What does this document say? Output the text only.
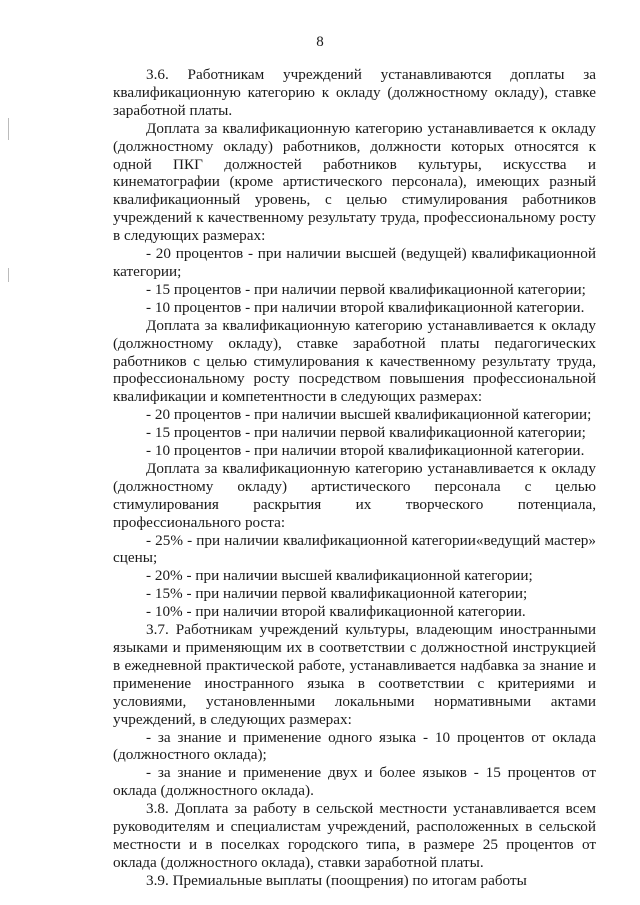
8

3.6. Работникам учреждений устанавливаются доплаты за квалификационную категорию к окладу (должностному окладу), ставке заработной платы.

Доплата за квалификационную категорию устанавливается к окладу (должностному окладу) работников, должности которых относятся к одной ПКГ должностей работников культуры, искусства и кинематографии (кроме артистического персонала), имеющих разный квалификационный уровень, с целью стимулирования работников учреждений к качественному результату труда, профессиональному росту в следующих размерах:

- 20 процентов - при наличии высшей (ведущей) квалификационной категории;

- 15 процентов - при наличии первой квалификационной категории;

- 10 процентов - при наличии второй квалификационной категории.

Доплата за квалификационную категорию устанавливается к окладу (должностному окладу), ставке заработной платы педагогических работников с целью стимулирования к качественному результату труда, профессиональному росту посредством повышения профессиональной квалификации и компетентности в следующих размерах:

- 20 процентов - при наличии высшей квалификационной категории;

- 15 процентов - при наличии первой квалификационной категории;

- 10 процентов - при наличии второй квалификационной категории.

Доплата за квалификационную категорию устанавливается к окладу (должностному окладу) артистического персонала с целью стимулирования раскрытия их творческого потенциала, профессионального роста:

- 25% - при наличии квалификационной категории«ведущий мастер» сцены;

- 20% - при наличии высшей квалификационной категории;

- 15% - при наличии первой квалификационной категории;

- 10% - при наличии второй квалификационной категории.

3.7. Работникам учреждений культуры, владеющим иностранными языками и применяющим их в соответствии с должностной инструкцией в ежедневной практической работе, устанавливается надбавка за знание и применение иностранного языка в соответствии с критериями и условиями, установленными локальными нормативными актами учреждений, в следующих размерах:

- за знание и применение одного языка - 10 процентов от оклада (должностного оклада);

- за знание и применение двух и более языков - 15 процентов от оклада (должностного оклада).

3.8. Доплата за работу в сельской местности устанавливается всем руководителям и специалистам учреждений, расположенных в сельской местности и в поселках городского типа, в размере 25 процентов от оклада (должностного оклада), ставки заработной платы.

3.9. Премиальные выплаты (поощрения) по итогам работы
